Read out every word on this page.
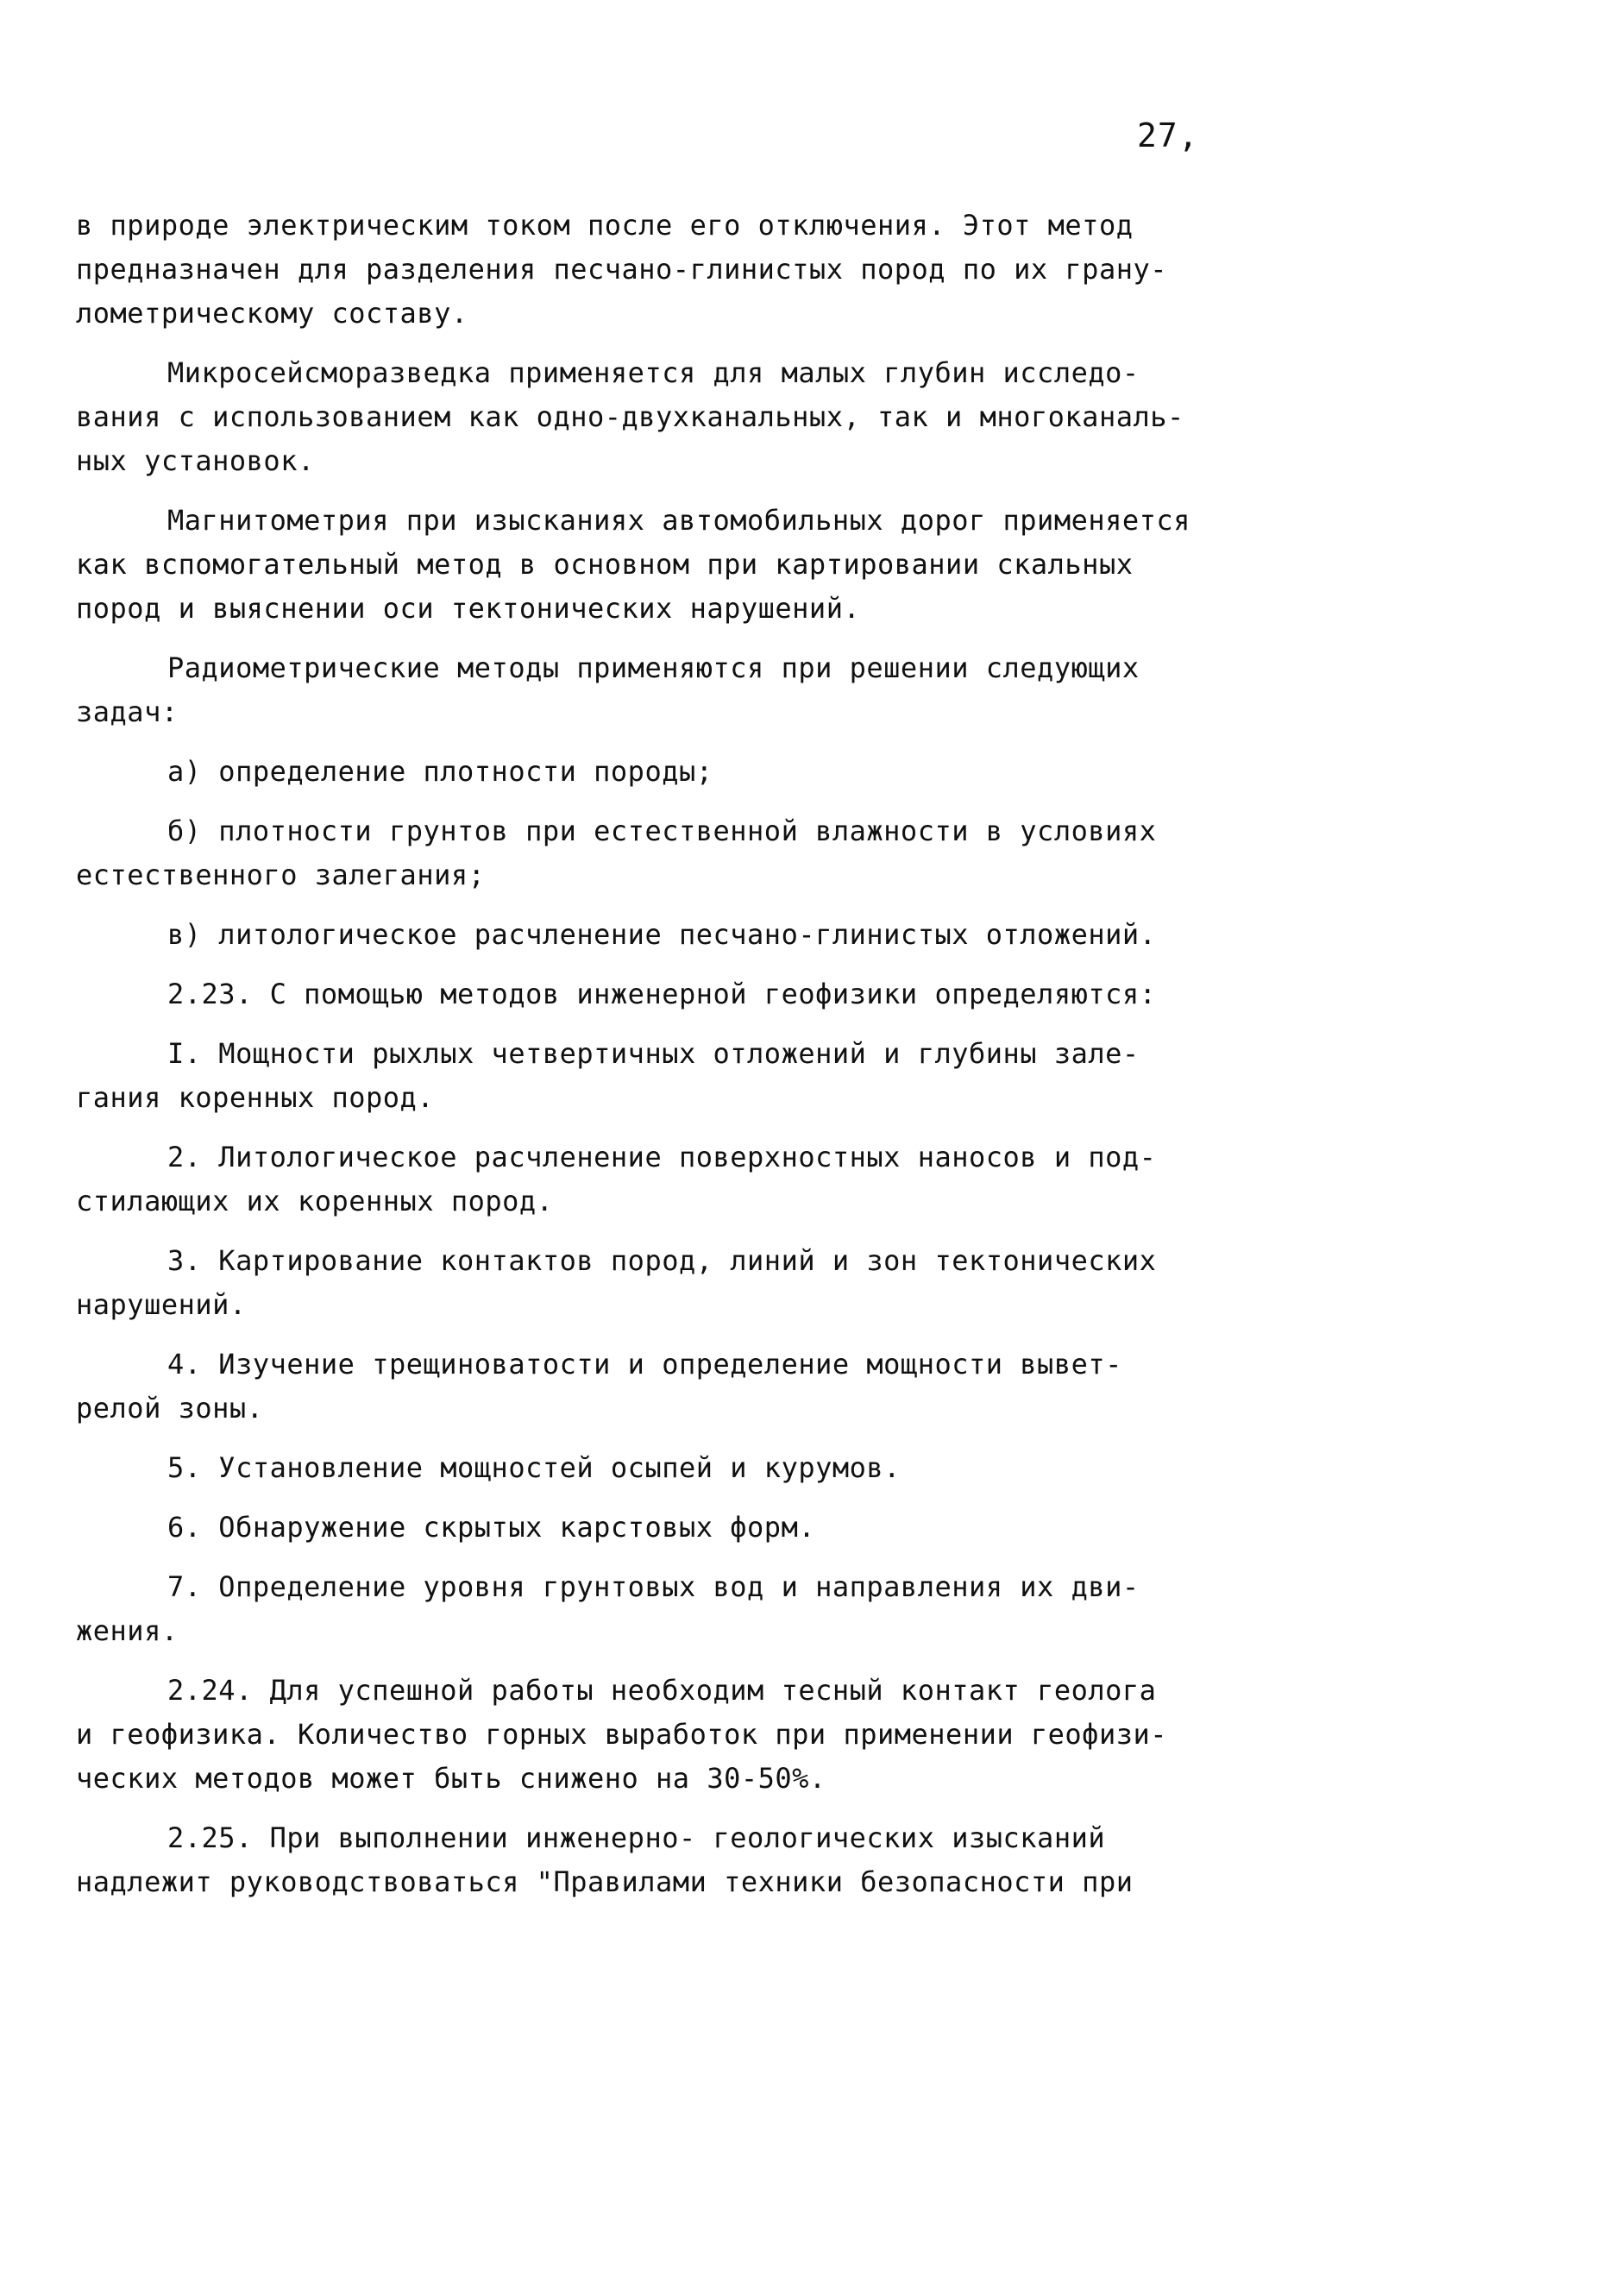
27,
в природе электрическим током после его отключения. Этот метод
предназначен для разделения песчано-глинистых пород по их грану-
лометрическому составу.
Микросейсморазведка применяется для малых глубин исследо-
вания с использованием как одно-двухканальных, так и многоканаль-
ных установок.
Магнитометрия при изысканиях автомобильных дорог применяется
как вспомогательный метод в основном при картировании скальных
пород и выяснении оси тектонических нарушений.
Радиометрические методы применяются при решении следующих
задач:
а) определение плотности породы;
б) плотности грунтов при естественной влажности в условиях
естественного залегания;
в) литологическое расчленение песчано-глинистых отложений.
2.23. С помощью методов инженерной геофизики определяются:
I. Мощности рыхлых четвертичных отложений и глубины зале-
гания коренных пород.
2. Литологическое расчленение поверхностных наносов и под-
стилающих их коренных пород.
3. Картирование контактов пород, линий и зон тектонических
нарушений.
4. Изучение трещиноватости и определение мощности вывет-
релой зоны.
5. Установление мощностей осыпей и курумов.
6. Обнаружение скрытых карстовых форм.
7. Определение уровня грунтовых вод и направления их дви-
жения.
2.24. Для успешной работы необходим тесный контакт геолога
и геофизика. Количество горных выработок при применении геофизи-
ческих методов может быть снижено на 30-50%.
2.25. При выполнении инженерно- геологических изысканий
надлежит руководствоваться "Правилами техники безопасности при
